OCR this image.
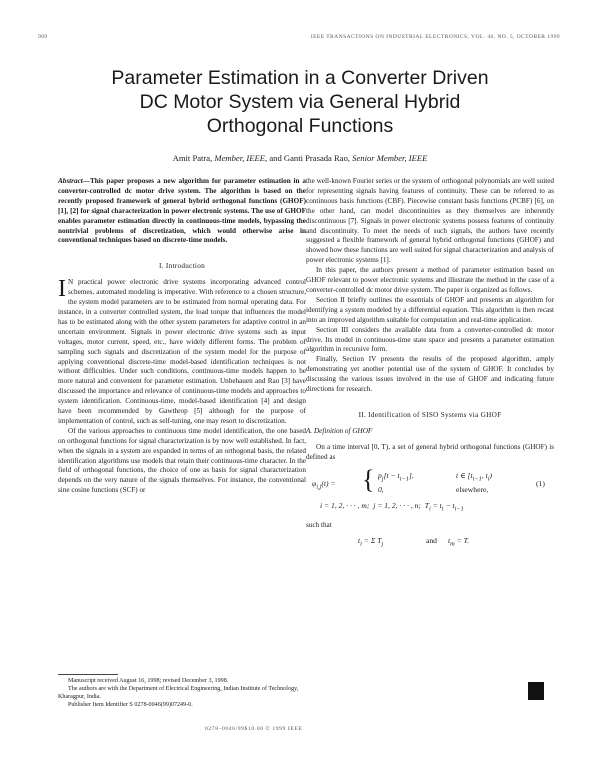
909	IEEE TRANSACTIONS ON INDUSTRIAL ELECTRONICS, VOL. 46, NO. 5, OCTOBER 1999
Parameter Estimation in a Converter Driven
DC Motor System via General Hybrid
Orthogonal Functions
Amit Patra, Member, IEEE, and Ganti Prasada Rao, Senior Member, IEEE
Abstract—This paper proposes a new algorithm for parameter estimation in a converter-controlled dc motor drive system. The algorithm is based on the recently proposed framework of general hybrid orthogonal functions (GHOF) [1], [2] for signal characterization in power electronic systems. The use of GHOF enables parameter estimation directly in continuous-time models, bypassing the nontrivial problems of discretization, which would otherwise arise in conventional techniques based on discrete-time models.
I. Introduction

I N practical power electronic drive systems incorporating advanced control schemes, automated modeling is imperative. With reference to a chosen structure, the system model parameters are to be estimated from normal operating data. For instance, in a converter controlled system, the load torque that influences the model has to be estimated along with the other system parameters for adaptive control in an uncertain environment. Signals in power electronic drive systems such as input voltages, motor current, speed, etc., have widely different forms. The problem of sampling such signals and discretization of the system model for the purpose of applying conventional discrete-time model-based identification techniques is not without difficulties. Under such conditions, continuous-time models happen to be more natural and convenient for parameter estimation. Unbehauen and Rao [3] have discussed the importance and relevance of continuous-time models and approaches to system identification. Continuous-time, model-based identification [4] and design have been recommended by Gawthrop [5] although for the purpose of implementation of control, such as self-tuning, one may resort to discretization.

Of the various approaches to continuous time model identification, the one based on orthogonal functions for signal characterization is by now well established. In fact, when the signals in a system are expanded in terms of an orthogonal basis, the related identification algorithms use models that retain their continuous-time character. In the field of orthogonal functions, the choice of one as basis for signal characterization depends on the very nature of the signals themselves. For instance, the conventional sine cosine functions (SCF) or

the well-known Fourier series or the system of orthogonal polynomials are well suited for representing signals having features of continuity. These can be referred to as continuous basis functions (CBF). Piecewise constant basis functions (PCBF) [6], on the other hand, can model discontinuities as they themselves are inherently discontinuous [7]. Signals in power electronic systems possess features of continuity and discontinuity. To meet the needs of such signals, the authors have recently suggested a flexible framework of general hybrid orthogonal functions (GHOF) and showed how these functions are well suited for signal characterization and analysis of power electronic systems [1].

In this paper, the authors present a method of parameter estimation based on GHOF relevant to power electronic systems and illustrate the method in the case of a converter-controlled dc motor drive system. The paper is organized as follows.

Section II briefly outlines the essentials of GHOF and presents an algorithm for identifying a system modeled by a differential equation. This algorithm is then recast into an improved algorithm suitable for computation and real-time application.

Section III considers the available data from a converter-controlled dc motor drive. Its model in continuous-time state space and presents a parameter estimation algorithm in recursive form.

Finally, Section IV presents the results of the proposed algorithm, amply demonstrating yet another potential use of the system of GHOF. It concludes by discussing the various issues involved in the use of GHOF and indicating future directions for research.

II. Identification of SISO Systems via GHOF
A. Definition of GHOF

On a time interval [0, T), a set of general hybrid orthogonal functions (GHOF) is defined as

$\varphi_{i,j}(t)$ = { $p_j[t - t_{i-1}]$,	t ∈ [$t_{i-1}$, $t_i$)
0,	elsewhere,
(1)
i = 1, 2, · · · , m; j = 1, 2, · · · , n; $T_i = t_i - t_{i-1}$

such that

$t_i = \Sigma$ $T_j$	and $t_m = T$.

Manuscript received August 16, 1998; revised December 3, 1998.

The authors are with the Department of Electrical Engineering, Indian Institute of Technology, Kharagpur, India.

Publisher Item Identifier S 0278-0046(99)07249-0.

0278–0046/99$10.00 © 1999 IEEE
